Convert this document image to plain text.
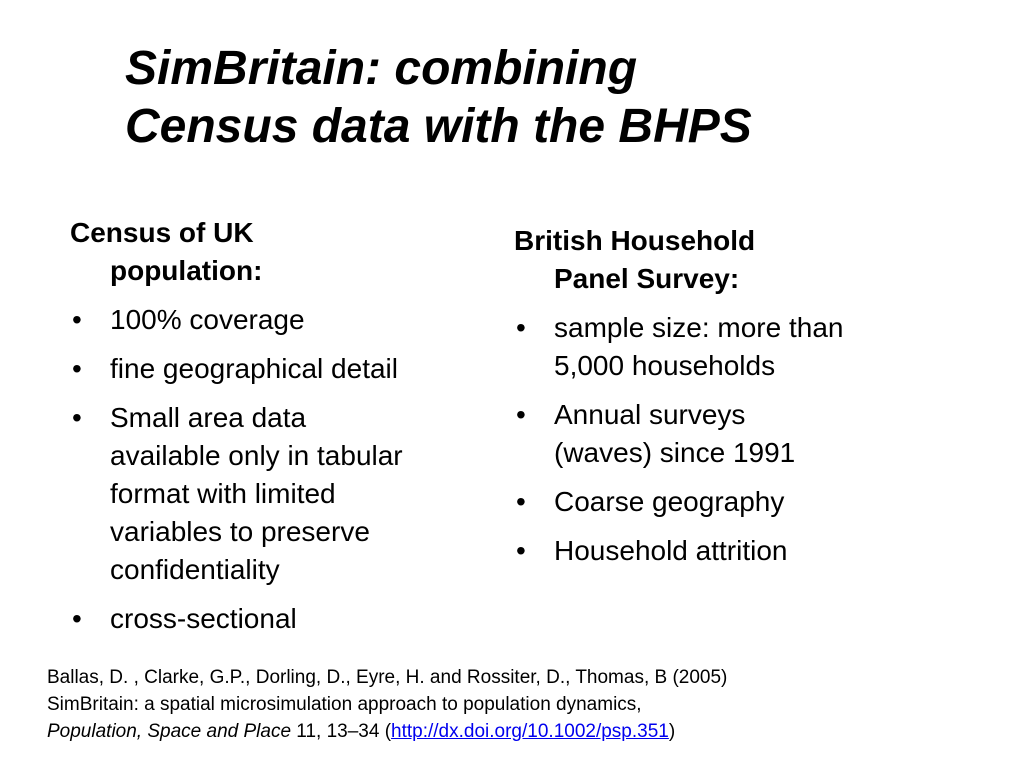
SimBritain: combining
Census data with the BHPS

Census of UK
population:

• 100% coverage
• fine geographical detail
• Small area data
available only in tabular
format with limited
variables to preserve
confidentiality
• cross-sectional

British Household
Panel Survey:

• sample size: more than
5,000 households
• Annual surveys
(waves) since 1991
• Coarse geography
• Household attrition
Ballas, D. , Clarke, G.P., Dorling, D., Eyre, H. and Rossiter, D., Thomas, B (2005)
SimBritain: a spatial microsimulation approach to population dynamics,
Population, Space and Place 11, 13–34 (http://dx.doi.org/10.1002/psp.351)
